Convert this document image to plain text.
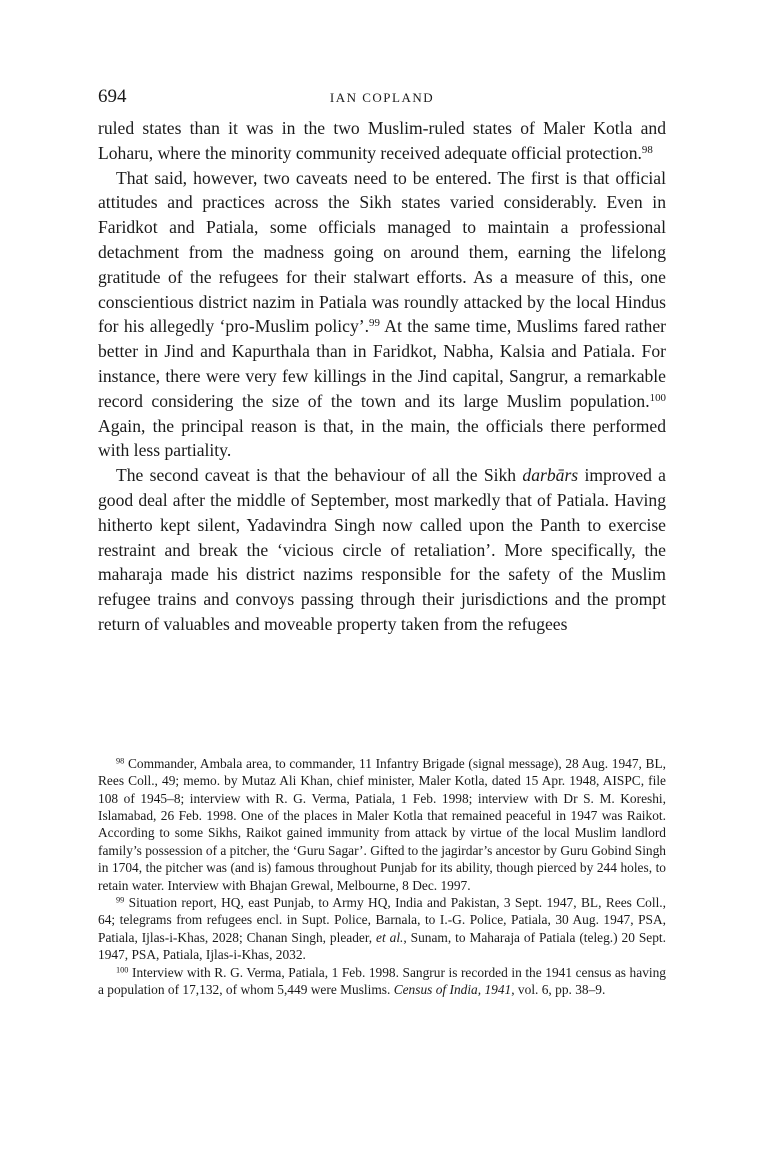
694	IAN COPLAND

ruled states than it was in the two Muslim-ruled states of Maler Kotla and Loharu, where the minority community received adequate official protection.$^{98}$

That said, however, two caveats need to be entered. The first is that official attitudes and practices across the Sikh states varied considerably. Even in Faridkot and Patiala, some officials managed to maintain a professional detachment from the madness going on around them, earning the lifelong gratitude of the refugees for their stalwart efforts. As a measure of this, one conscientious district nazim in Patiala was roundly attacked by the local Hindus for his allegedly ‘pro-Muslim policy’.$^{99}$ At the same time, Muslims fared rather better in Jind and Kapurthala than in Faridkot, Nabha, Kalsia and Patiala. For instance, there were very few killings in the Jind capital, Sangrur, a remarkable record considering the size of the town and its large Muslim population.$^{100}$ Again, the principal reason is that, in the main, the officials there performed with less partiality.

The second caveat is that the behaviour of all the Sikh darbārs improved a good deal after the middle of September, most markedly that of Patiala. Having hitherto kept silent, Yadavindra Singh now called upon the Panth to exercise restraint and break the ‘vicious circle of retaliation’. More specifically, the maharaja made his district nazims responsible for the safety of the Muslim refugee trains and convoys passing through their jurisdictions and the prompt return of valuables and moveable property taken from the refugees

$^{98}$ Commander, Ambala area, to commander, 11 Infantry Brigade (signal message), 28 Aug. 1947, BL, Rees Coll., 49; memo. by Mutaz Ali Khan, chief minister, Maler Kotla, dated 15 Apr. 1948, AISPC, file 108 of 1945–8; interview with R. G. Verma, Patiala, 1 Feb. 1998; interview with Dr S. M. Koreshi, Islamabad, 26 Feb. 1998. One of the places in Maler Kotla that remained peaceful in 1947 was Raikot. According to some Sikhs, Raikot gained immunity from attack by virtue of the local Muslim landlord family’s possession of a pitcher, the ‘Guru Sagar’. Gifted to the jagirdar’s ancestor by Guru Gobind Singh in 1704, the pitcher was (and is) famous throughout Punjab for its ability, though pierced by 244 holes, to retain water. Interview with Bhajan Grewal, Melbourne, 8 Dec. 1997.

$^{99}$ Situation report, HQ, east Punjab, to Army HQ, India and Pakistan, 3 Sept. 1947, BL, Rees Coll., 64; telegrams from refugees encl. in Supt. Police, Barnala, to I.-G. Police, Patiala, 30 Aug. 1947, PSA, Patiala, Ijlas-i-Khas, 2028; Chanan Singh, pleader, et al., Sunam, to Maharaja of Patiala (teleg.) 20 Sept. 1947, PSA, Patiala, Ijlas-i-Khas, 2032.

$^{100}$ Interview with R. G. Verma, Patiala, 1 Feb. 1998. Sangrur is recorded in the 1941 census as having a population of 17,132, of whom 5,449 were Muslims. Census of India, 1941, vol. 6, pp. 38–9.
